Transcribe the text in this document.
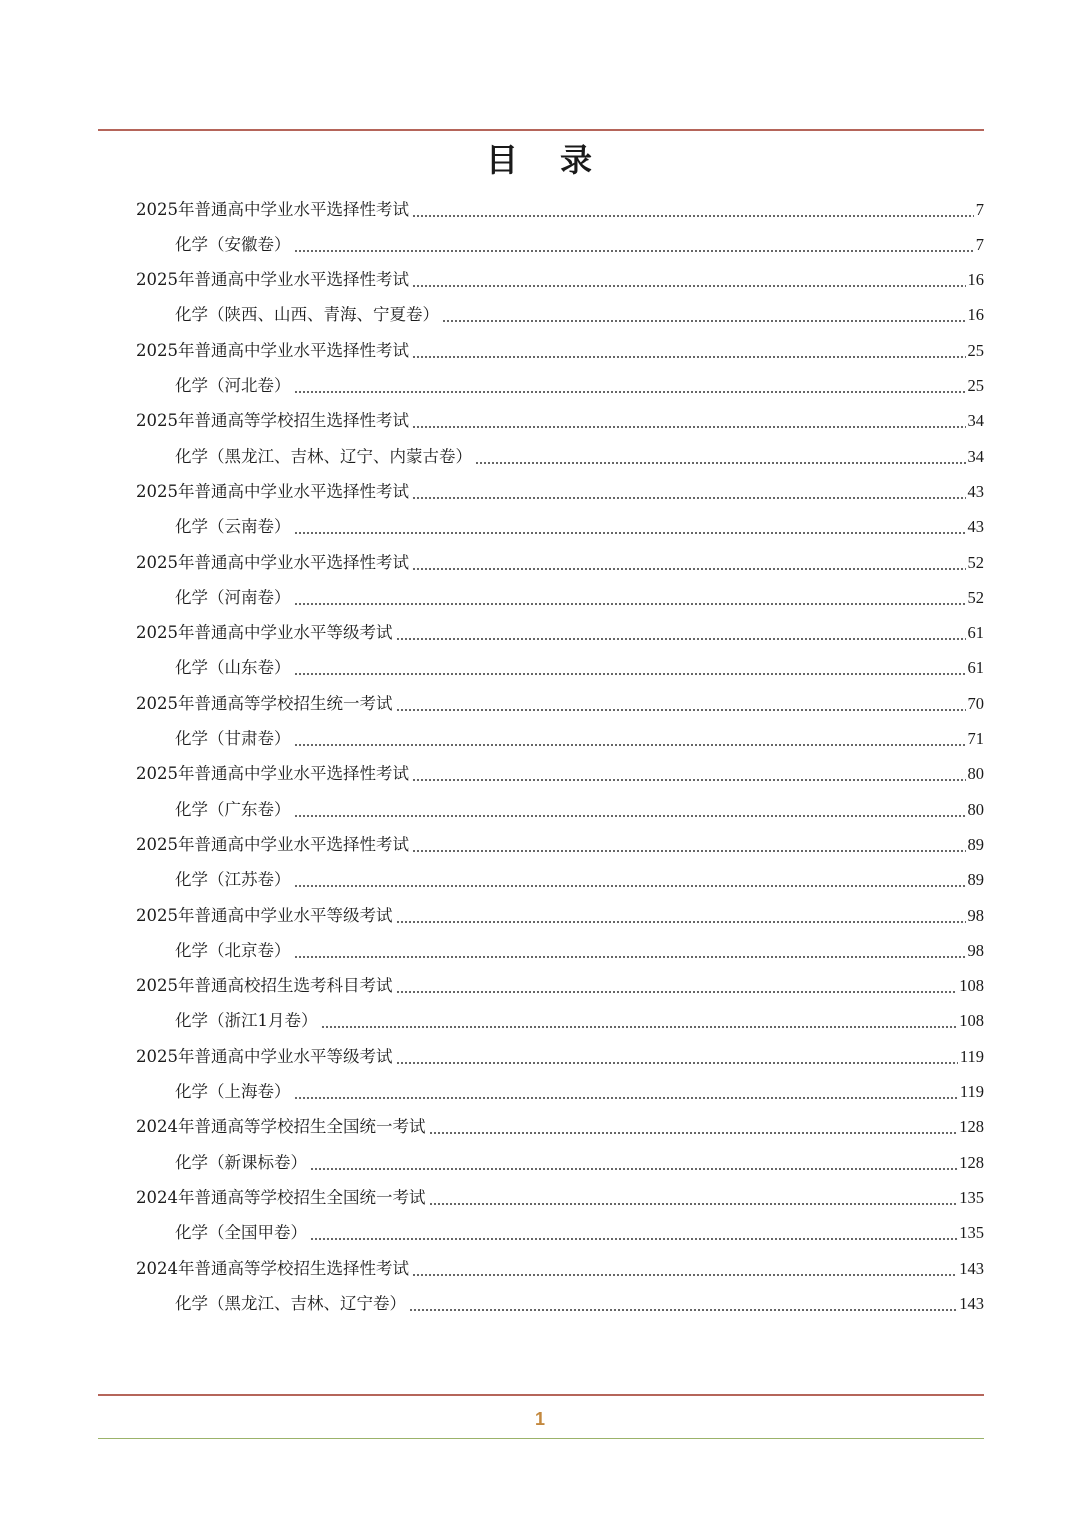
目 录
2025年普通高中学业水平选择性考试	7
化学（安徽卷）	7
2025年普通高中学业水平选择性考试	16
化学（陕西、山西、青海、宁夏卷）	16
2025年普通高中学业水平选择性考试	25
化学（河北卷）	25
2025年普通高等学校招生选择性考试	34
化学（黑龙江、吉林、辽宁、内蒙古卷）	34
2025年普通高中学业水平选择性考试	43
化学（云南卷）	43
2025年普通高中学业水平选择性考试	52
化学（河南卷）	52
2025年普通高中学业水平等级考试	61
化学（山东卷）	61
2025年普通高等学校招生统一考试	70
化学（甘肃卷）	71
2025年普通高中学业水平选择性考试	80
化学（广东卷）	80
2025年普通高中学业水平选择性考试	89
化学（江苏卷）	89
2025年普通高中学业水平等级考试	98
化学（北京卷）	98
2025年普通高校招生选考科目考试	108
化学（浙江1月卷）	108
2025年普通高中学业水平等级考试	119
化学（上海卷）	119
2024年普通高等学校招生全国统一考试	128
化学（新课标卷）	128
2024年普通高等学校招生全国统一考试	135
化学（全国甲卷）	135
2024年普通高等学校招生选择性考试	143
化学（黑龙江、吉林、辽宁卷）	143
1
